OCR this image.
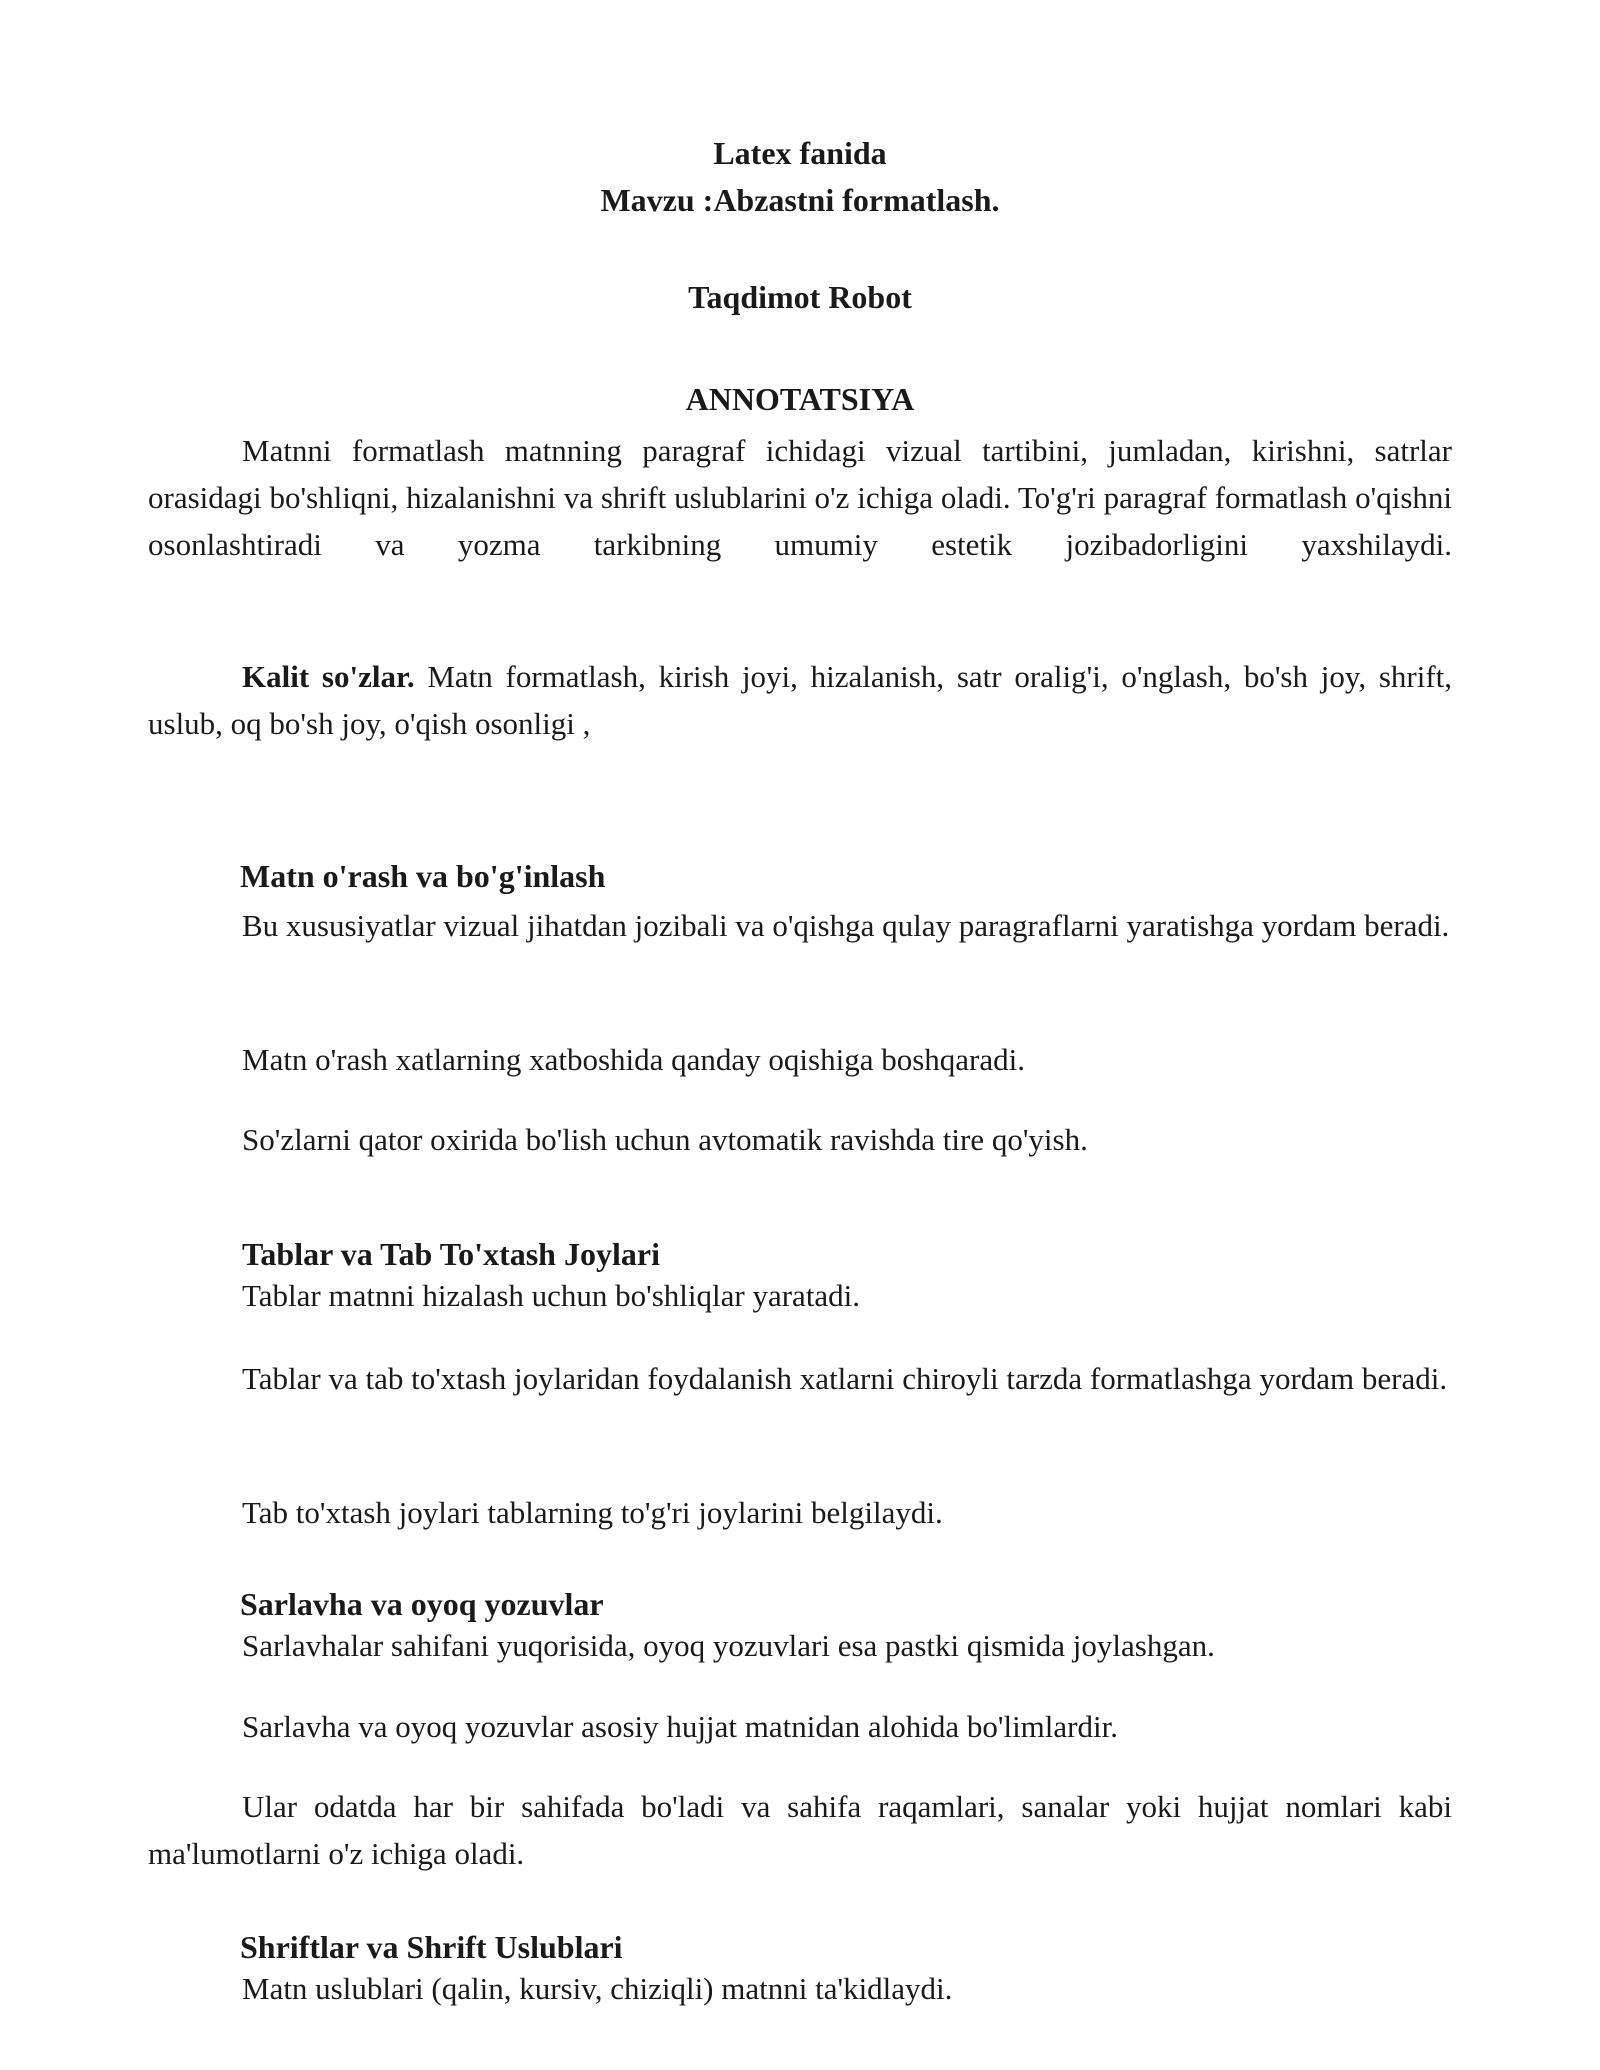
Latex fanida
Mavzu :Abzastni formatlash.
Taqdimot Robot
ANNOTATSIYA
Matnni formatlash matnning paragraf ichidagi vizual tartibini, jumladan, kirishni, satrlar orasidagi bo'shliqni, hizalanishni va shrift uslublarini o'z ichiga oladi. To'g'ri paragraf formatlash o'qishni osonlashtiradi va yozma tarkibning umumiy estetik jozibadorligini yaxshilaydi.
Kalit so'zlar. Matn formatlash, kirish joyi, hizalanish, satr oralig'i, o'nglash, bo'sh joy, shrift, uslub, oq bo'sh joy, o'qish osonligi ,
Matn o'rash va bo'g'inlash
Bu xususiyatlar vizual jihatdan jozibali va o'qishga qulay paragraflarni yaratishga yordam beradi.
Matn o'rash xatlarning xatboshida qanday oqishiga boshqaradi.
So'zlarni qator oxirida bo'lish uchun avtomatik ravishda tire qo'yish.
Tablar va Tab To'xtash Joylari
Tablar matnni hizalash uchun bo'shliqlar yaratadi.
Tablar va tab to'xtash joylaridan foydalanish xatlarni chiroyli tarzda formatlashga yordam beradi.
Tab to'xtash joylari tablarning to'g'ri joylarini belgilaydi.
Sarlavha va oyoq yozuvlar
Sarlavhalar sahifani yuqorisida, oyoq yozuvlari esa pastki qismida joylashgan.
Sarlavha va oyoq yozuvlar asosiy hujjat matnidan alohida bo'limlardir.
Ular odatda har bir sahifada bo'ladi va sahifa raqamlari, sanalar yoki hujjat nomlari kabi ma'lumotlarni o'z ichiga oladi.
Shriftlar va Shrift Uslublari
Matn uslublari (qalin, kursiv, chiziqli) matnni ta'kidlaydi.
